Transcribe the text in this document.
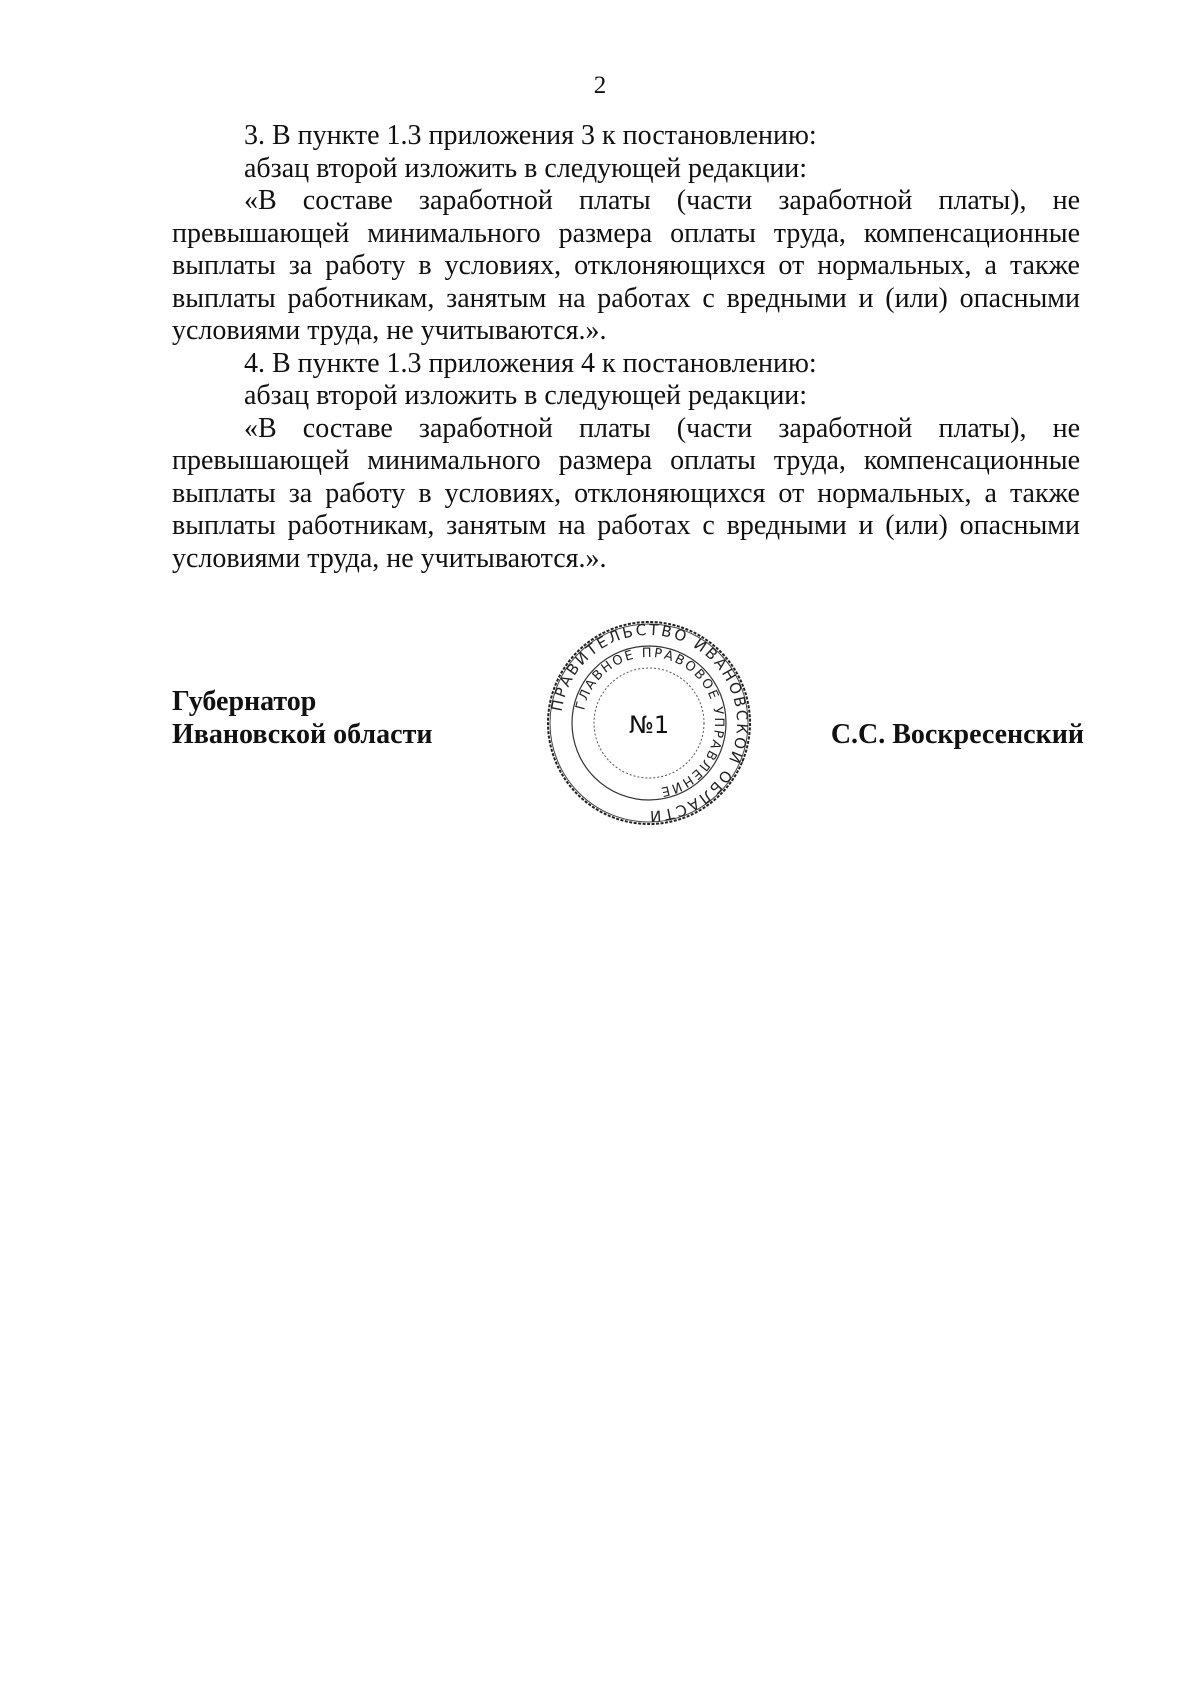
2

3. В пункте 1.3 приложения 3 к постановлению:

абзац второй изложить в следующей редакции:

«В составе заработной платы (части заработной платы), не превышающей минимального размера оплаты труда, компенсационные выплаты за работу в условиях, отклоняющихся от нормальных, а также выплаты работникам, занятым на работах с вредными и (или) опасными условиями труда, не учитываются.».

4. В пункте 1.3 приложения 4 к постановлению:

абзац второй изложить в следующей редакции:

«В составе заработной платы (части заработной платы), не превышающей минимального размера оплаты труда, компенсационные выплаты за работу в условиях, отклоняющихся от нормальных, а также выплаты работникам, занятым на работах с вредными и (или) опасными условиями труда, не учитываются.».

Губернатор
Ивановской области	С.С. Воскресенский
ПРАВИТЕЛЬСТВО ИВАНОВСКОЙ ОБЛАСТИ
ГЛАВНОЕ ПРАВОВОЕ УПРАВЛЕНИЕ
№1
